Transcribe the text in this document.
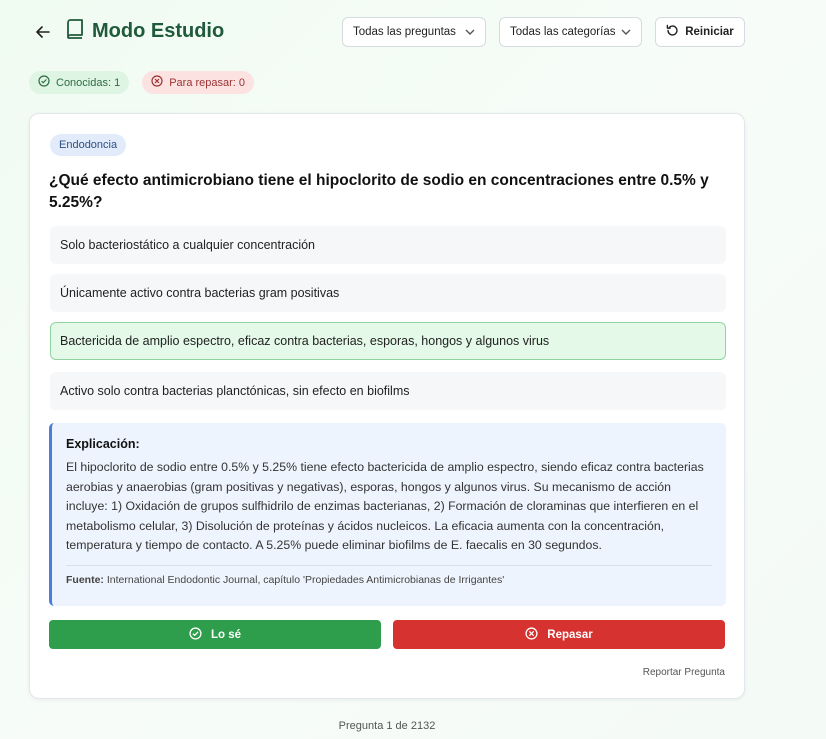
Modo Estudio	Todas las preguntas	Todas las categorías	Reiniciar
Conocidas: 1	Para repasar: 0
Endodoncia
¿Qué efecto antimicrobiano tiene el hipoclorito de sodio en concentraciones entre 0.5% y 5.25%?
Solo bacteriostático a cualquier concentración
Únicamente activo contra bacterias gram positivas
Bactericida de amplio espectro, eficaz contra bacterias, esporas, hongos y algunos virus
Activo solo contra bacterias planctónicas, sin efecto en biofilms
Explicación:
El hipoclorito de sodio entre 0.5% y 5.25% tiene efecto bactericida de amplio espectro, siendo eficaz contra bacterias aerobias y anaerobias (gram positivas y negativas), esporas, hongos y algunos virus. Su mecanismo de acción incluye: 1) Oxidación de grupos sulfhidrilo de enzimas bacterianas, 2) Formación de cloraminas que interfieren en el metabolismo celular, 3) Disolución de proteínas y ácidos nucleicos. La eficacia aumenta con la concentración, temperatura y tiempo de contacto. A 5.25% puede eliminar biofilms de E. faecalis en 30 segundos.
Fuente: International Endodontic Journal, capítulo 'Propiedades Antimicrobianas de Irrigantes'
Lo sé	Repasar
Reportar Pregunta
Pregunta 1 de 2132
